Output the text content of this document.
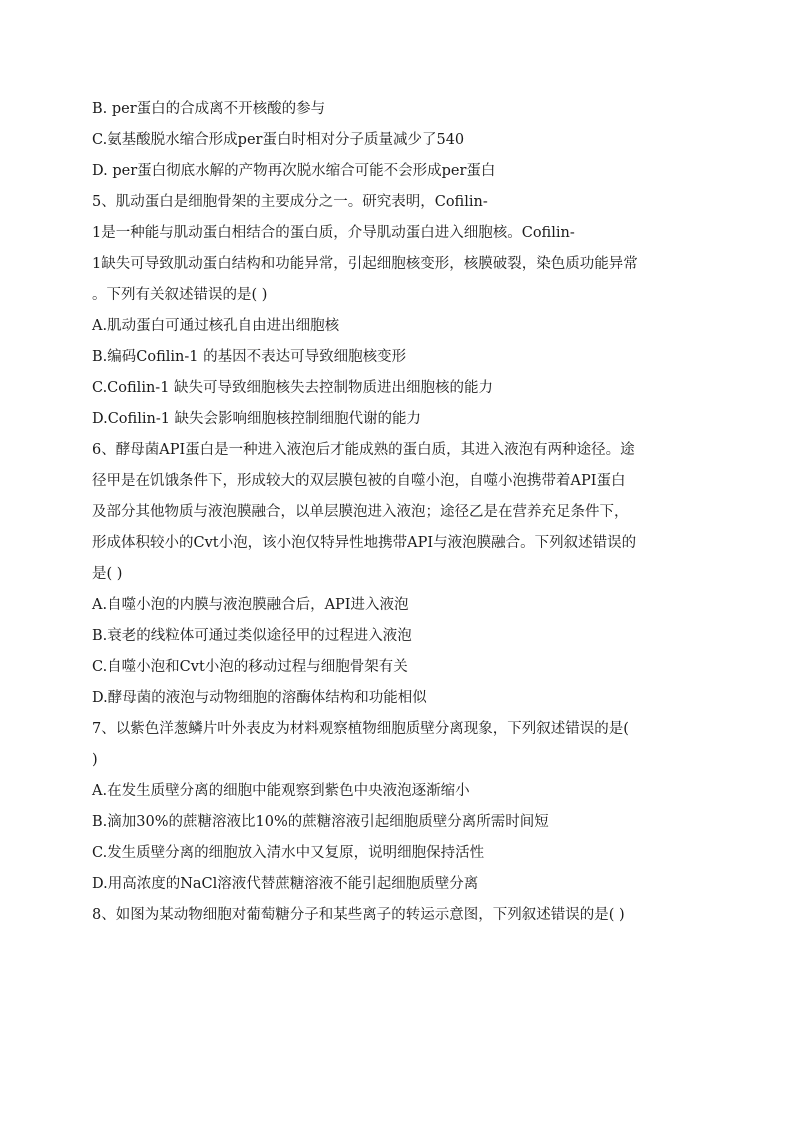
B. per蛋白的合成离不开核酸的参与
C.氨基酸脱水缩合形成per蛋白时相对分子质量减少了540
D. per蛋白彻底水解的产物再次脱水缩合可能不会形成per蛋白
5、肌动蛋白是细胞骨架的主要成分之一。研究表明，Cofilin-
1是一种能与肌动蛋白相结合的蛋白质，介导肌动蛋白进入细胞核。Cofilin-
1缺失可导致肌动蛋白结构和功能异常，引起细胞核变形，核膜破裂，染色质功能异常
。下列有关叙述错误的是( )
A.肌动蛋白可通过核孔自由进出细胞核
B.编码Cofilin-1 的基因不表达可导致细胞核变形
C.Cofilin-1 缺失可导致细胞核失去控制物质进出细胞核的能力
D.Cofilin-1 缺失会影响细胞核控制细胞代谢的能力
6、酵母菌API蛋白是一种进入液泡后才能成熟的蛋白质，其进入液泡有两种途径。途
径甲是在饥饿条件下，形成较大的双层膜包被的自噬小泡，自噬小泡携带着API蛋白
及部分其他物质与液泡膜融合，以单层膜泡进入液泡；途径乙是在营养充足条件下，
形成体积较小的Cvt小泡，该小泡仅特异性地携带API与液泡膜融合。下列叙述错误的
是( )
A.自噬小泡的内膜与液泡膜融合后，API进入液泡
B.衰老的线粒体可通过类似途径甲的过程进入液泡
C.自噬小泡和Cvt小泡的移动过程与细胞骨架有关
D.酵母菌的液泡与动物细胞的溶酶体结构和功能相似
7、以紫色洋葱鳞片叶外表皮为材料观察植物细胞质壁分离现象，下列叙述错误的是(
)
A.在发生质壁分离的细胞中能观察到紫色中央液泡逐渐缩小
B.滴加30%的蔗糖溶液比10%的蔗糖溶液引起细胞质壁分离所需时间短
C.发生质壁分离的细胞放入清水中又复原，说明细胞保持活性
D.用高浓度的NaCl溶液代替蔗糖溶液不能引起细胞质壁分离
8、如图为某动物细胞对葡萄糖分子和某些离子的转运示意图，下列叙述错误的是( )
